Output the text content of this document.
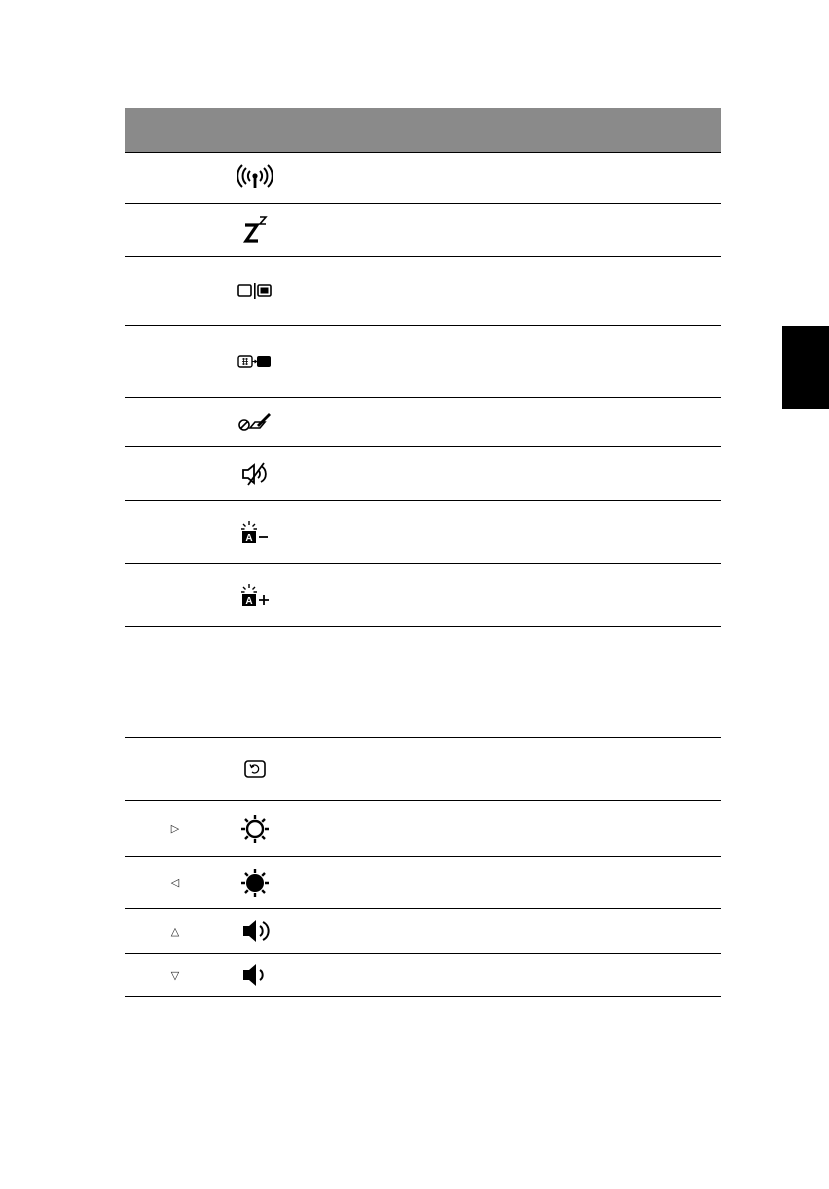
A
A
▷
◁
△
▽
